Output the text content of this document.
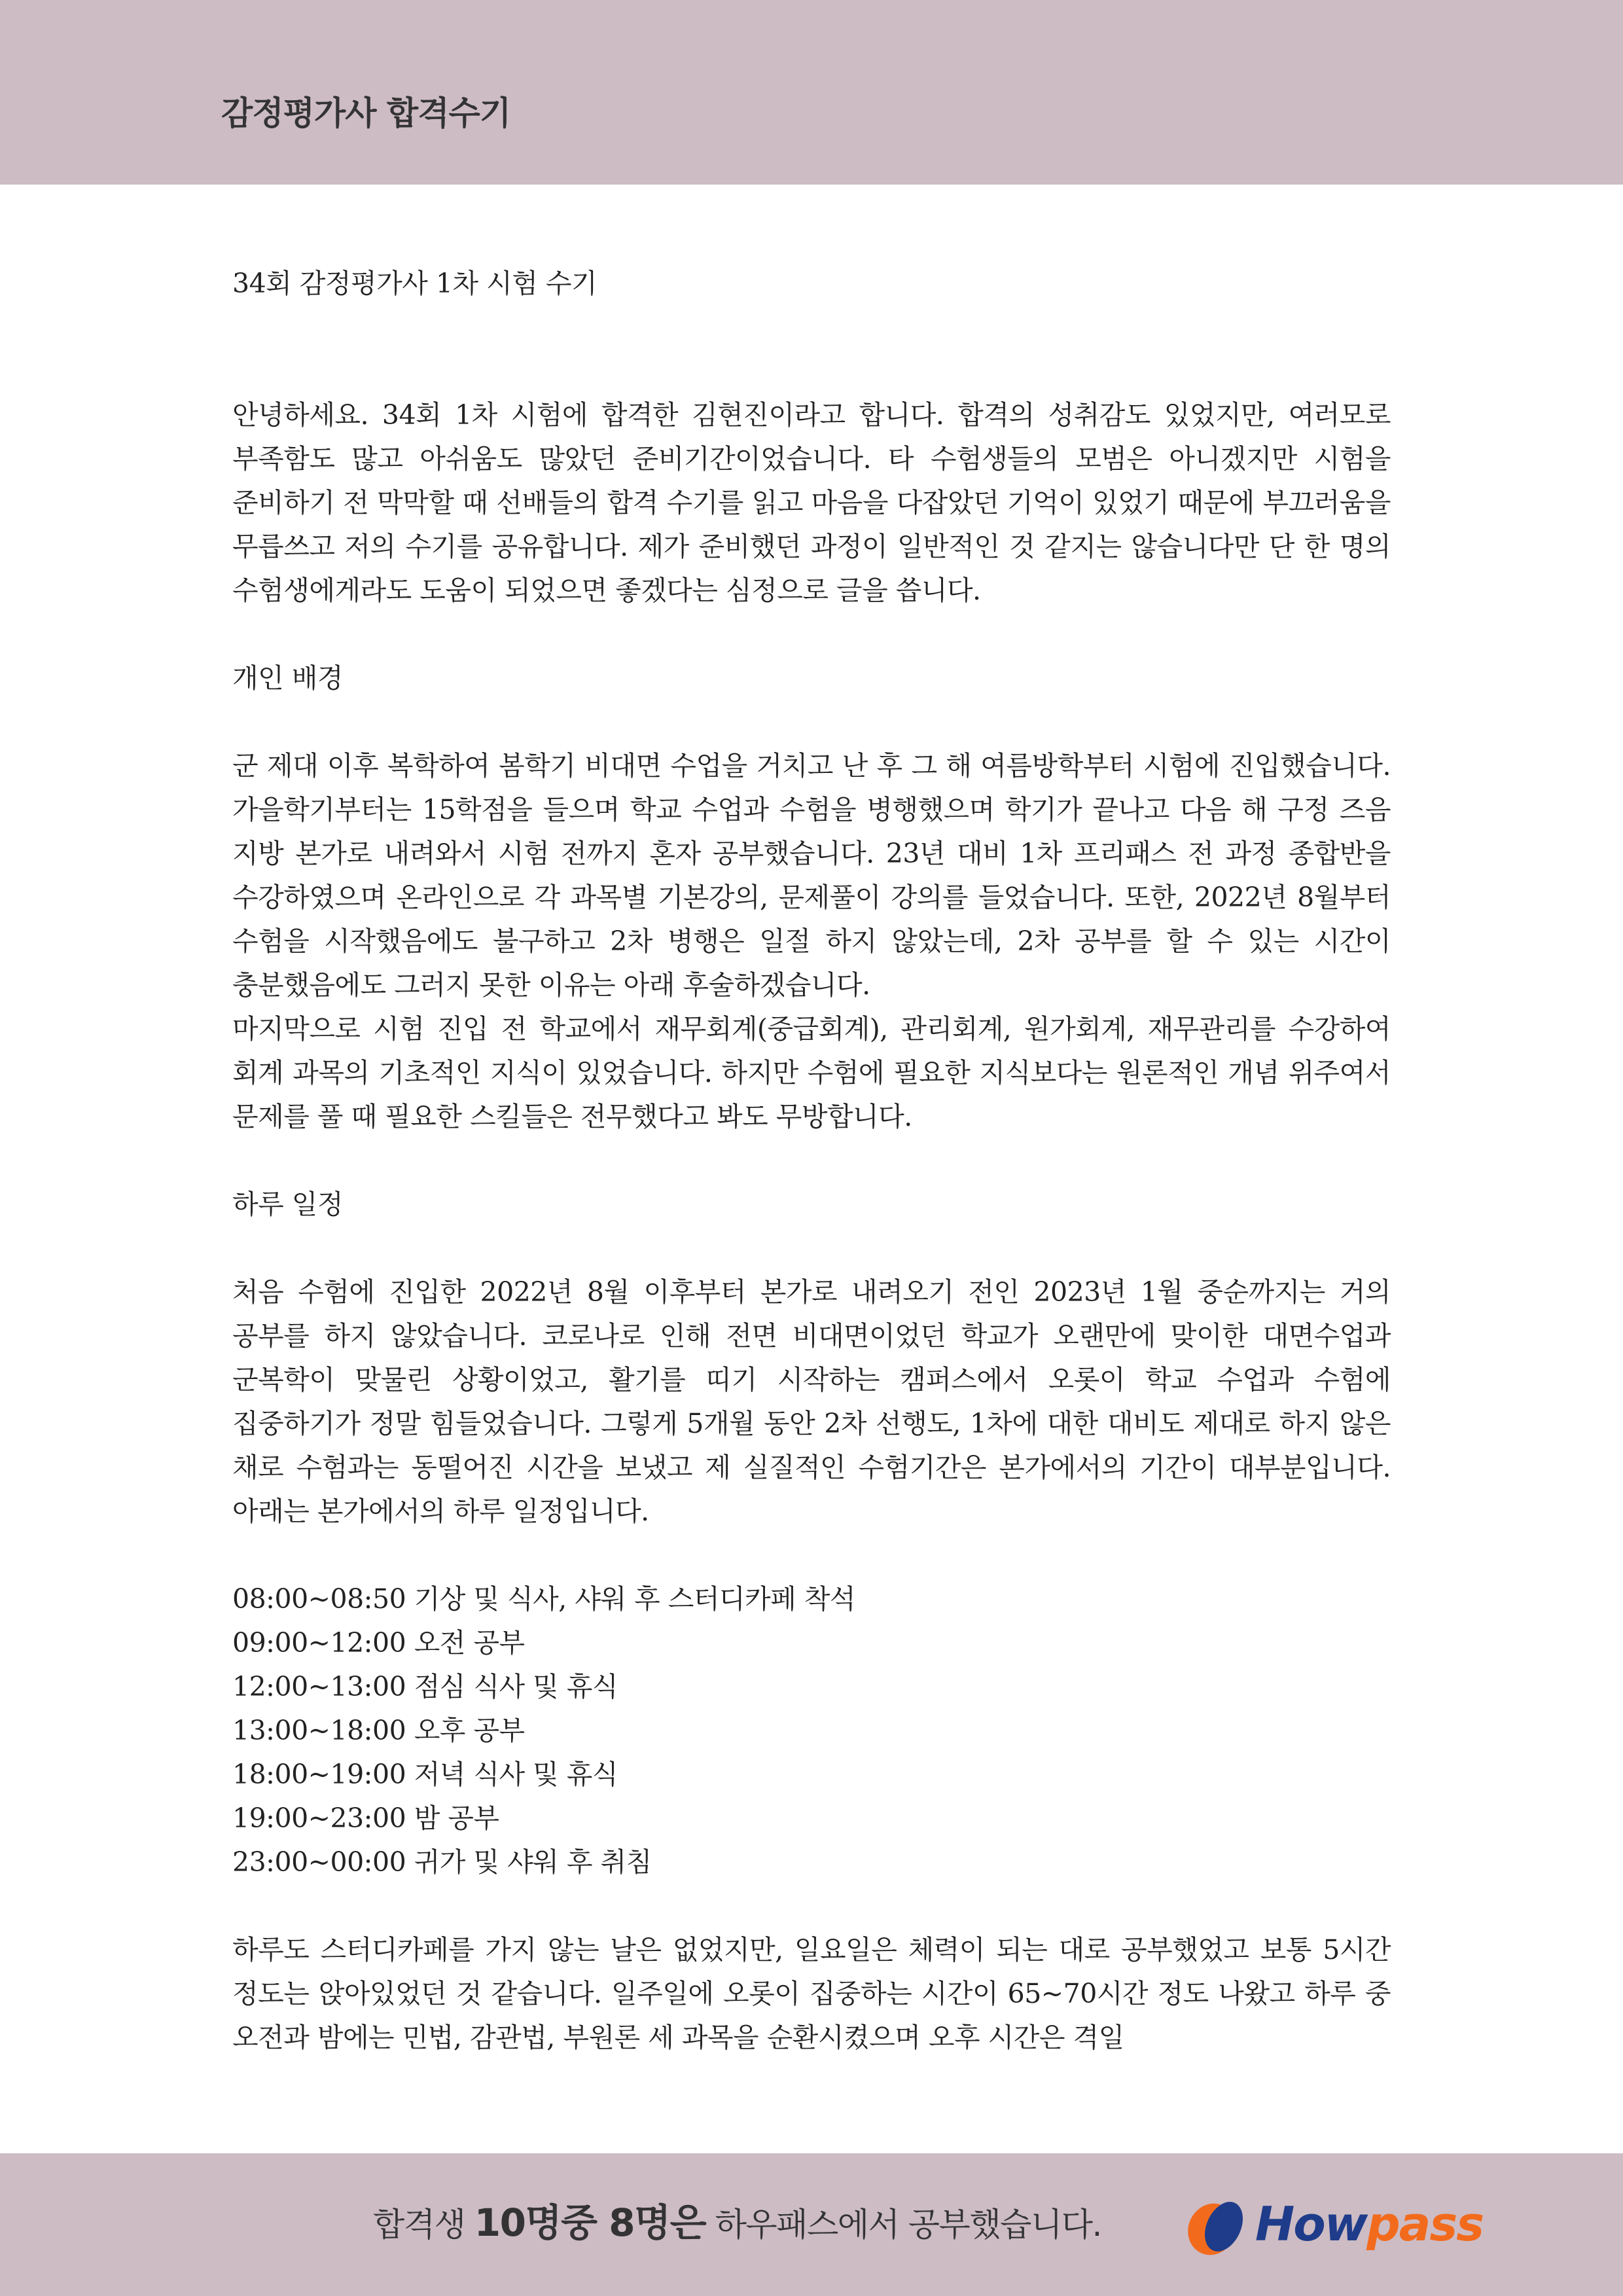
감정평가사 합격수기

34회 감정평가사 1차 시험 수기

안녕하세요. 34회 1차 시험에 합격한 김현진이라고 합니다. 합격의 성취감도 있었지만, 여러모로 부족함도 많고 아쉬움도 많았던 준비기간이었습니다. 타 수험생들의 모범은 아니겠지만 시험을 준비하기 전 막막할 때 선배들의 합격 수기를 읽고 마음을 다잡았던 기억이 있었기 때문에 부끄러움을 무릅쓰고 저의 수기를 공유합니다. 제가 준비했던 과정이 일반적인 것 같지는 않습니다만 단 한 명의 수험생에게라도 도움이 되었으면 좋겠다는 심정으로 글을 씁니다.

개인 배경

군 제대 이후 복학하여 봄학기 비대면 수업을 거치고 난 후 그 해 여름방학부터 시험에 진입했습니다. 가을학기부터는 15학점을 들으며 학교 수업과 수험을 병행했으며 학기가 끝나고 다음 해 구정 즈음 지방 본가로 내려와서 시험 전까지 혼자 공부했습니다. 23년 대비 1차 프리패스 전 과정 종합반을 수강하였으며 온라인으로 각 과목별 기본강의, 문제풀이 강의를 들었습니다. 또한, 2022년 8월부터 수험을 시작했음에도 불구하고 2차 병행은 일절 하지 않았는데, 2차 공부를 할 수 있는 시간이 충분했음에도 그러지 못한 이유는 아래 후술하겠습니다.

마지막으로 시험 진입 전 학교에서 재무회계(중급회계), 관리회계, 원가회계, 재무관리를 수강하여 회계 과목의 기초적인 지식이 있었습니다. 하지만 수험에 필요한 지식보다는 원론적인 개념 위주여서 문제를 풀 때 필요한 스킬들은 전무했다고 봐도 무방합니다.

하루 일정

처음 수험에 진입한 2022년 8월 이후부터 본가로 내려오기 전인 2023년 1월 중순까지는 거의 공부를 하지 않았습니다. 코로나로 인해 전면 비대면이었던 학교가 오랜만에 맞이한 대면수업과 군복학이 맞물린 상황이었고, 활기를 띠기 시작하는 캠퍼스에서 오롯이 학교 수업과 수험에 집중하기가 정말 힘들었습니다. 그렇게 5개월 동안 2차 선행도, 1차에 대한 대비도 제대로 하지 않은 채로 수험과는 동떨어진 시간을 보냈고 제 실질적인 수험기간은 본가에서의 기간이 대부분입니다. 아래는 본가에서의 하루 일정입니다.

08:00~08:50 기상 및 식사, 샤워 후 스터디카페 착석

09:00~12:00 오전 공부

12:00~13:00 점심 식사 및 휴식

13:00~18:00 오후 공부

18:00~19:00 저녁 식사 및 휴식

19:00~23:00 밤 공부

23:00~00:00 귀가 및 샤워 후 취침

하루도 스터디카페를 가지 않는 날은 없었지만, 일요일은 체력이 되는 대로 공부했었고 보통 5시간 정도는 앉아있었던 것 같습니다. 일주일에 오롯이 집중하는 시간이 65~70시간 정도 나왔고 하루 중 오전과 밤에는 민법, 감관법, 부원론 세 과목을 순환시켰으며 오후 시간은 격일

합격생 10명중 8명은 하우패스에서 공부했습니다.	Howpass
